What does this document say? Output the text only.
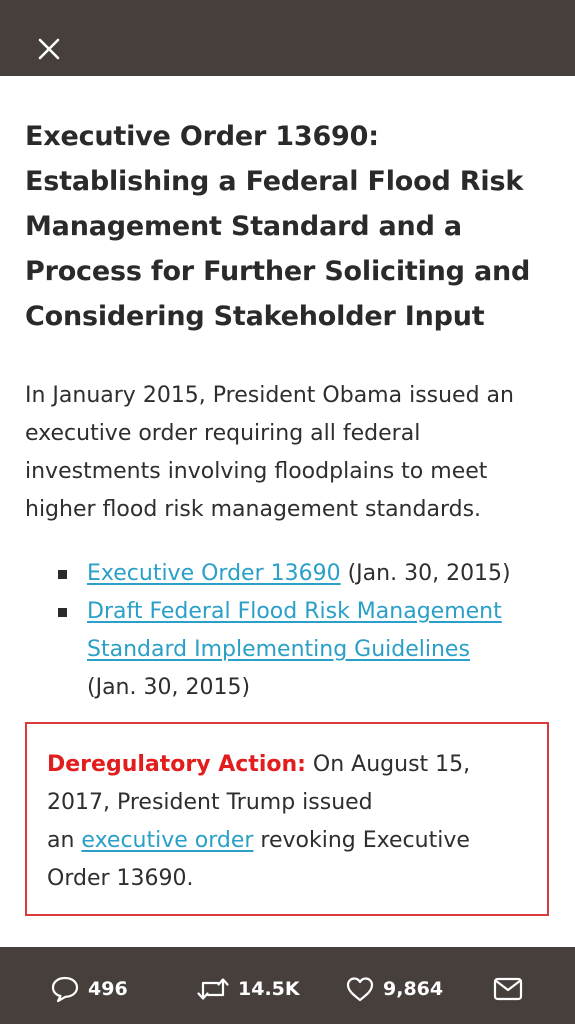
Executive Order 13690:
Establishing a Federal Flood Risk
Management Standard and a
Process for Further Soliciting and
Considering Stakeholder Input
In January 2015, President Obama issued an
executive order requiring all federal
investments involving floodplains to meet
higher flood risk management standards.
Executive Order 13690 (Jan. 30, 2015)
Draft Federal Flood Risk Management
Standard Implementing Guidelines
(Jan. 30, 2015)
Deregulatory Action: On August 15,
2017, President Trump issued
an executive order revoking Executive
Order 13690.
496	14.5K	9,864
